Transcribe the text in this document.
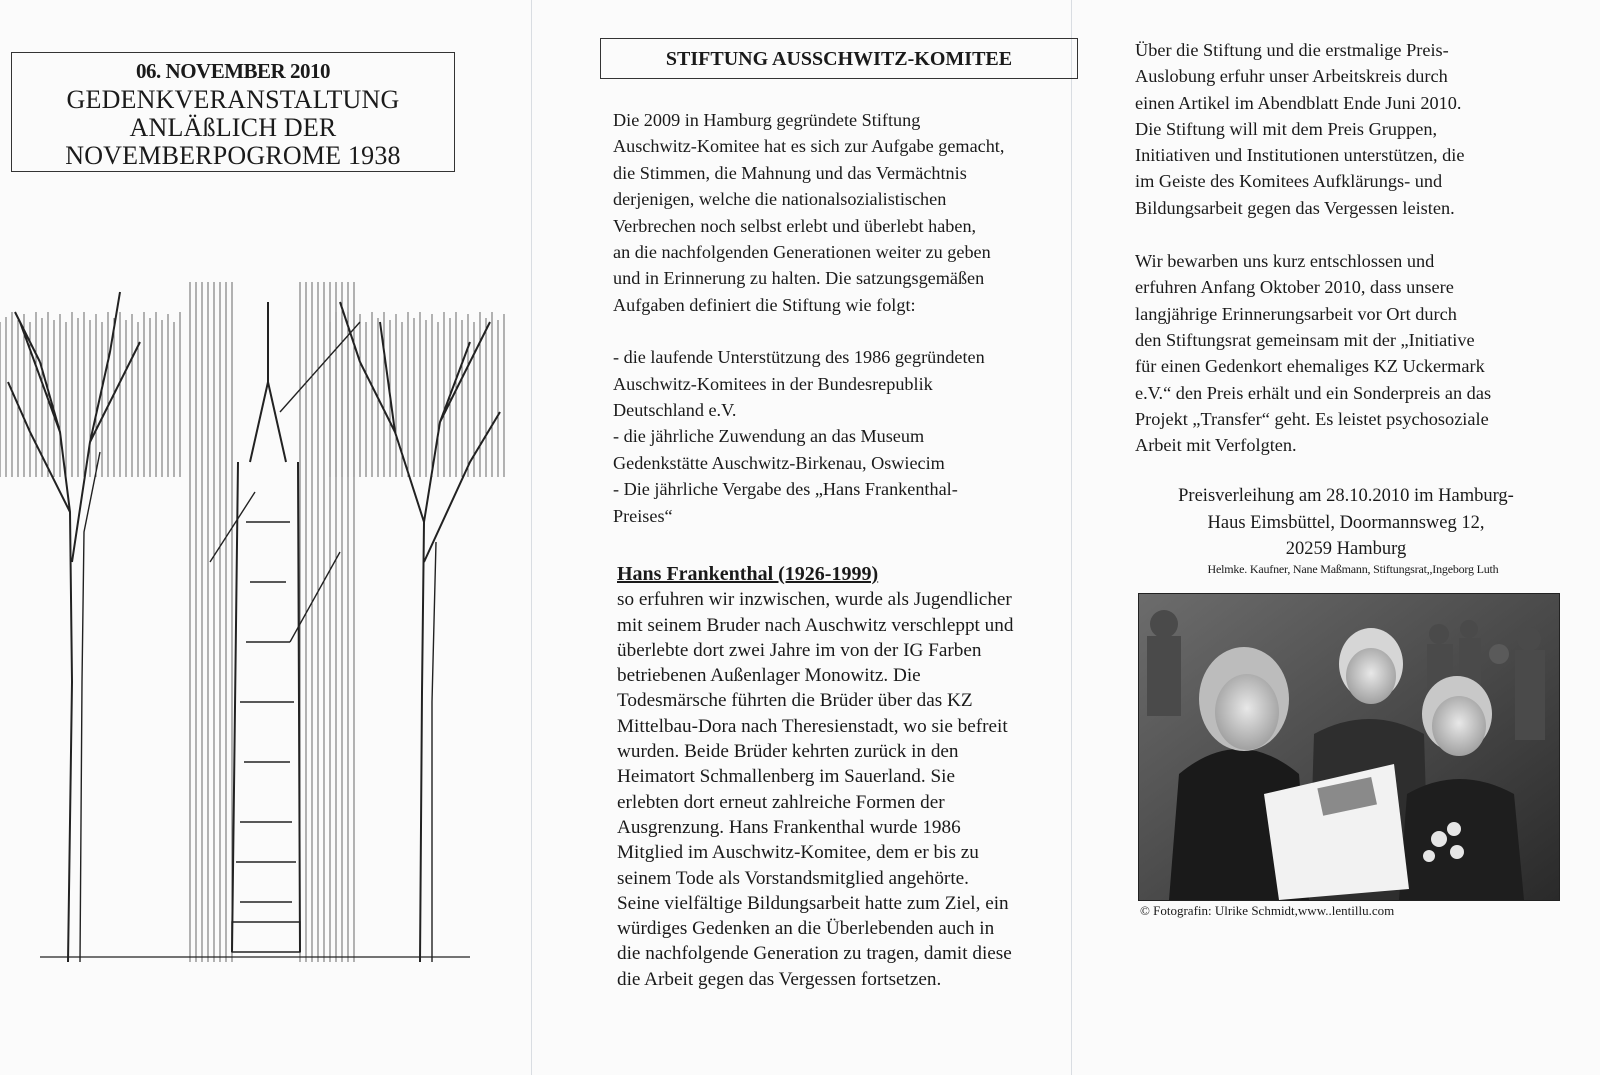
06. NOVEMBER 2010
GEDENKVERANSTALTUNG
ANLÄßLICH DER
NOVEMBERPOGROME 1938
STIFTUNG AUSSCHWITZ-KOMITEE

Die 2009 in Hamburg gegründete Stiftung

Auschwitz-Komitee hat es sich zur Aufgabe gemacht,

die Stimmen, die Mahnung und das Vermächtnis

derjenigen, welche die nationalsozialistischen

Verbrechen noch selbst erlebt und überlebt haben,

an die nachfolgenden Generationen weiter zu geben

und in Erinnerung zu halten. Die satzungsgemäßen

Aufgaben definiert die Stiftung wie folgt:

- die laufende Unterstützung des 1986 gegründeten

Auschwitz-Komitees in der Bundesrepublik

Deutschland e.V.

- die jährliche Zuwendung an das Museum

Gedenkstätte Auschwitz-Birkenau, Oswiecim

- Die jährliche Vergabe des „Hans Frankenthal-

Preises“

Hans Frankenthal (1926-1999)
so erfuhren wir inzwischen, wurde als Jugendlicher
mit seinem Bruder nach Auschwitz verschleppt und
überlebte dort zwei Jahre im von der IG Farben
betriebenen Außenlager Monowitz. Die
Todesmärsche führten die Brüder über das KZ
Mittelbau-Dora nach Theresienstadt, wo sie befreit
wurden. Beide Brüder kehrten zurück in den
Heimatort Schmallenberg im Sauerland. Sie
erlebten dort erneut zahlreiche Formen der
Ausgrenzung. Hans Frankenthal wurde 1986
Mitglied im Auschwitz-Komitee, dem er bis zu
seinem Tode als Vorstandsmitglied angehörte.
Seine vielfältige Bildungsarbeit hatte zum Ziel, ein
würdiges Gedenken an die Überlebenden auch in
die nachfolgende Generation zu tragen, damit diese
die Arbeit gegen das Vergessen fortsetzen.

Über die Stiftung und die erstmalige Preis-

Auslobung erfuhr unser Arbeitskreis durch

einen Artikel im Abendblatt Ende Juni 2010.

Die Stiftung will mit dem Preis Gruppen,

Initiativen und Institutionen unterstützen, die

im Geiste des Komitees Aufklärungs- und

Bildungsarbeit gegen das Vergessen leisten.

Wir bewarben uns kurz entschlossen und

erfuhren Anfang Oktober 2010, dass unsere

langjährige Erinnerungsarbeit vor Ort durch

den Stiftungsrat gemeinsam mit der „Initiative

für einen Gedenkort ehemaliges KZ Uckermark

e.V.“ den Preis erhält und ein Sonderpreis an das

Projekt „Transfer“ geht. Es leistet psychosoziale

Arbeit mit Verfolgten.

Preisverleihung am 28.10.2010 im Hamburg-
Haus Eimsbüttel, Doormannsweg 12,
20259 Hamburg
Helmke. Kaufner, Nane Maßmann, Stiftungsrat,,Ingeborg Luth
© Fotografin: Ulrike Schmidt,www..lentillu.com
